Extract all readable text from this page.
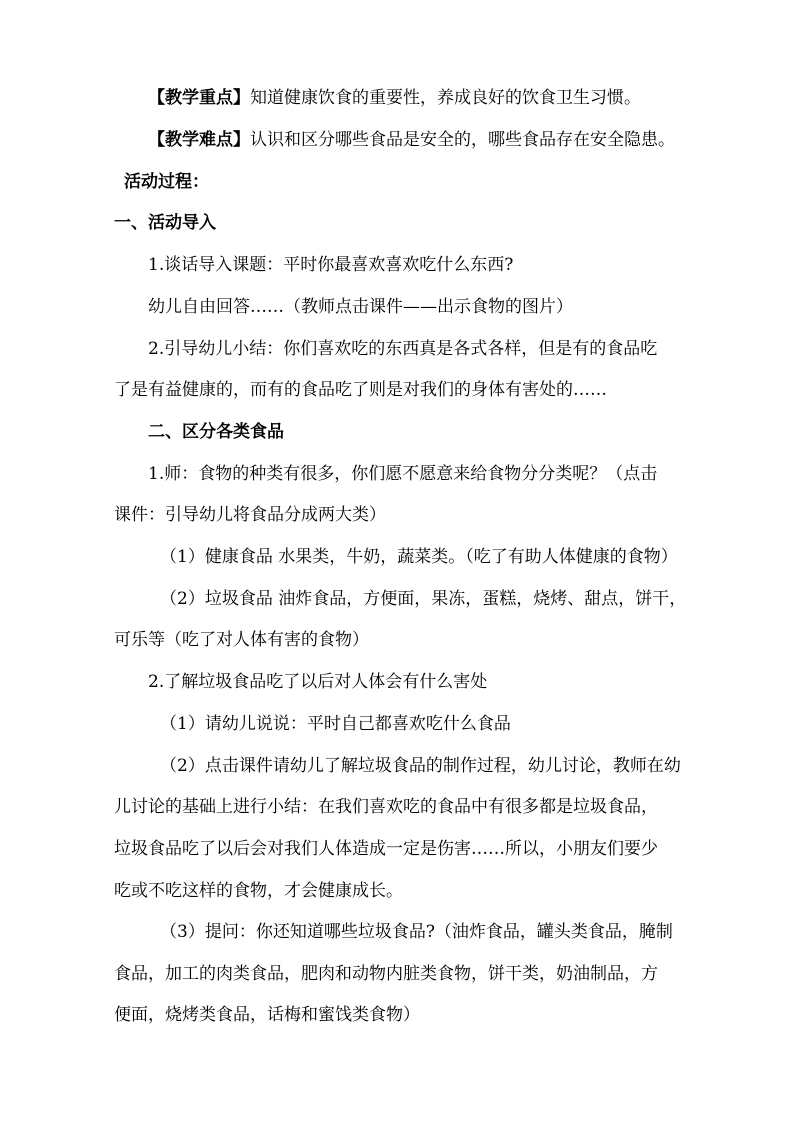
【教学重点】知道健康饮食的重要性，养成良好的饮食卫生习惯。
【教学难点】认识和区分哪些食品是安全的，哪些食品存在安全隐患。
活动过程：
一、活动导入
1.谈话导入课题：平时你最喜欢喜欢吃什么东西?
幼儿自由回答……（教师点击课件——出示食物的图片）
2.引导幼儿小结：你们喜欢吃的东西真是各式各样，但是有的食品吃
了是有益健康的，而有的食品吃了则是对我们的身体有害处的……
二、区分各类食品
1.师：食物的种类有很多，你们愿不愿意来给食物分分类呢？（点击
课件：引导幼儿将食品分成两大类）
（1）健康食品 水果类，牛奶，蔬菜类。（吃了有助人体健康的食物）
（2）垃圾食品 油炸食品，方便面，果冻，蛋糕，烧烤、甜点，饼干，
可乐等（吃了对人体有害的食物）
2.了解垃圾食品吃了以后对人体会有什么害处
（1）请幼儿说说：平时自己都喜欢吃什么食品
（2）点击课件请幼儿了解垃圾食品的制作过程，幼儿讨论，教师在幼
儿讨论的基础上进行小结：在我们喜欢吃的食品中有很多都是垃圾食品，
垃圾食品吃了以后会对我们人体造成一定是伤害……所以，小朋友们要少
吃或不吃这样的食物，才会健康成长。
（3）提问：你还知道哪些垃圾食品?（油炸食品，罐头类食品，腌制
食品，加工的肉类食品，肥肉和动物内脏类食物，饼干类，奶油制品，方
便面，烧烤类食品，话梅和蜜饯类食物）
